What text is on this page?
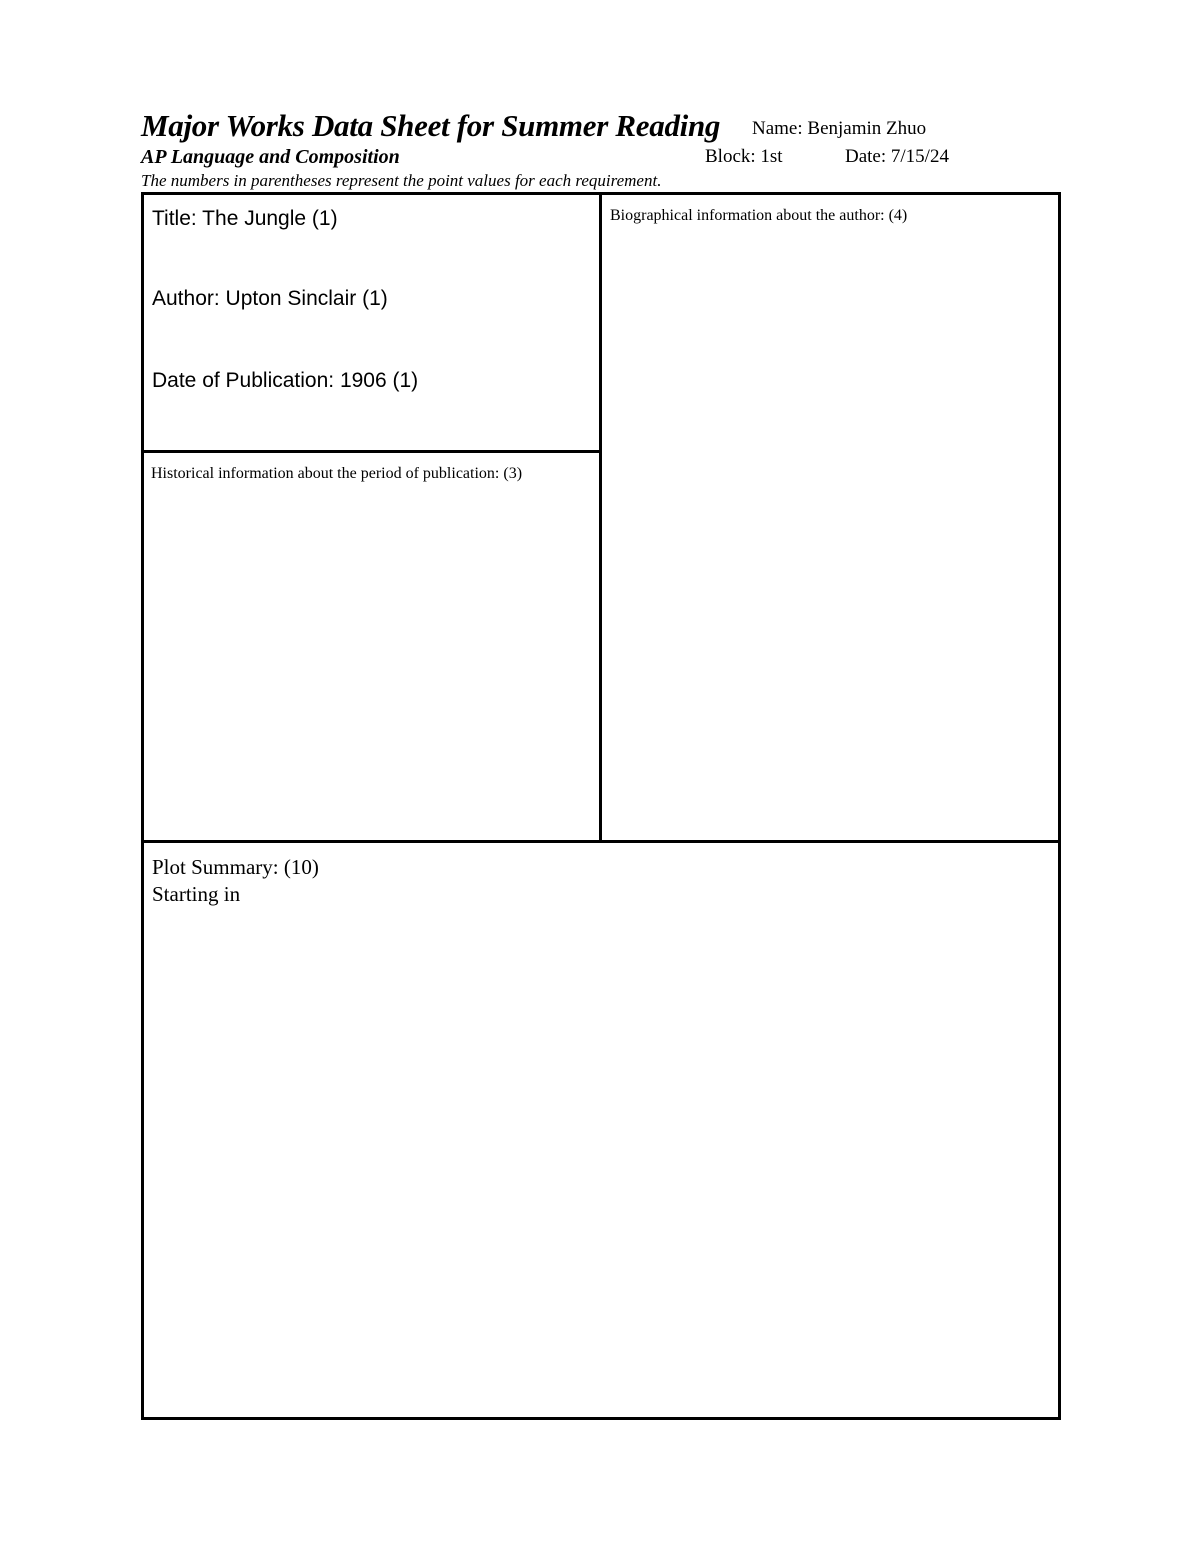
Major Works Data Sheet for Summer Reading Name: Benjamin Zhuo
AP Language and Composition	Block: 1st	Date: 7/15/24
The numbers in parentheses represent the point values for each requirement.
Title: The Jungle (1)
Author: Upton Sinclair (1)
Date of Publication: 1906 (1)
Historical information about the period of publication: (3)
Biographical information about the author: (4)
Plot Summary: (10)
Starting in
